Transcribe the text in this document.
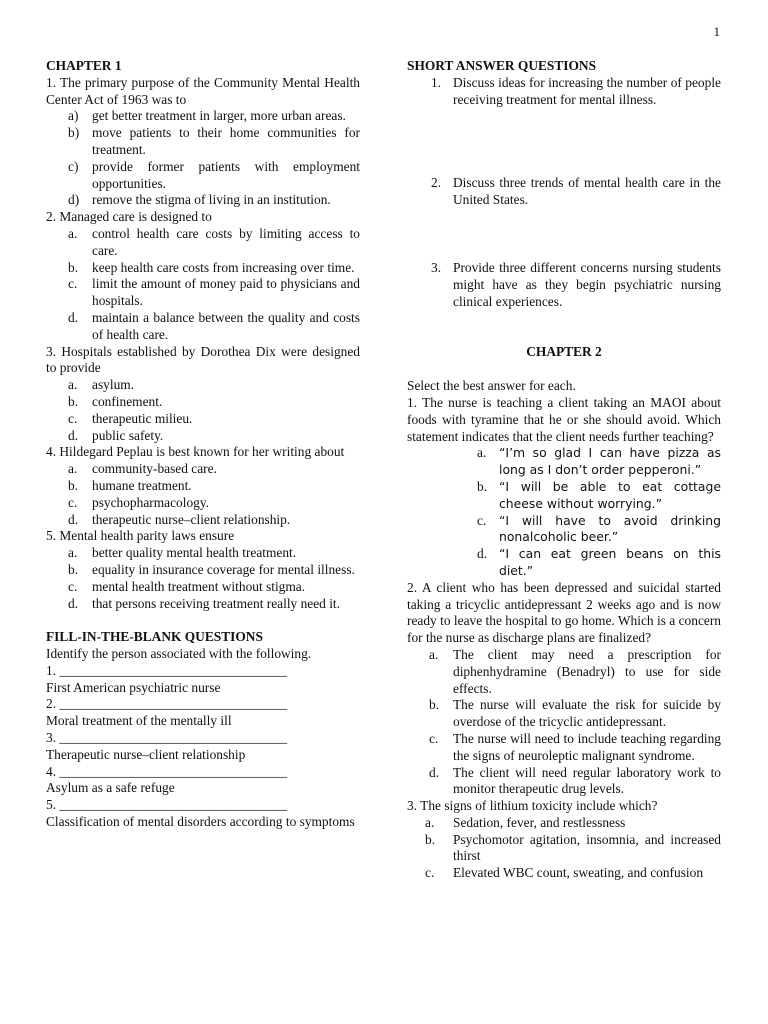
1

CHAPTER 1

1. The primary purpose of the Community Mental Health Center Act of 1963 was to

a)	get better treatment in larger, more urban areas.
b) move patients to their home communities for treatment.
c)	provide former patients with employment opportunities.
d) remove the stigma of living in an institution.

2. Managed care is designed to

a.	control health care costs by limiting access to care.
b.	keep health care costs from increasing over time.
c.	limit the amount of money paid to physicians and hospitals.
d.	maintain a balance between the quality and costs of health care.

3. Hospitals established by Dorothea Dix were designed to provide

a.	asylum.
b.	confinement.
c.	therapeutic milieu.
d.	public safety.

4. Hildegard Peplau is best known for her writing about

a.	community-based care.
b.	humane treatment.
c.	psychopharmacology.
d.	therapeutic nurse–client relationship.

5. Mental health parity laws ensure

a.	better quality mental health treatment.
b.	equality in insurance coverage for mental illness.
c.	mental health treatment without stigma.
d.	that persons receiving treatment really need it.

FILL-IN-THE-BLANK QUESTIONS

Identify the person associated with the following.

1. __________________________________

First American psychiatric nurse

2. __________________________________

Moral treatment of the mentally ill

3. __________________________________

Therapeutic nurse–client relationship

4. __________________________________

Asylum as a safe refuge

5. __________________________________

Classification of mental disorders according to symptoms

SHORT ANSWER QUESTIONS

1. Discuss ideas for increasing the number of people receiving treatment for mental illness.
2. Discuss three trends of mental health care in the United States.
3. Provide three different concerns nursing students might have as they begin psychiatric nursing clinical experiences.

CHAPTER 2

Select the best answer for each.

1. The nurse is teaching a client taking an MAOI about foods with tyramine that he or she should avoid. Which statement indicates that the client needs further teaching?

a.	“I’m so glad I can have pizza as long as I don’t order pepperoni.”
b. “I will be able to eat cottage cheese without worrying.”
c.	“I will have to avoid drinking nonalcoholic beer.”
d. “I can eat green beans on this diet.”

2. A client who has been depressed and suicidal started taking a tricyclic antidepressant 2 weeks ago and is now ready to leave the hospital to go home. Which is a concern for the nurse as discharge plans are finalized?

a.	The client may need a prescription for diphenhydramine (Benadryl) to use for side effects.
b.	The nurse will evaluate the risk for suicide by overdose of the tricyclic antidepressant.
c.	The nurse will need to include teaching regarding the signs of neuroleptic malignant syndrome.
d.	The client will need regular laboratory work to monitor therapeutic drug levels.

3. The signs of lithium toxicity include which?

a.	Sedation, fever, and restlessness
b.	Psychomotor agitation, insomnia, and increased thirst
c.	Elevated WBC count, sweating, and confusion
